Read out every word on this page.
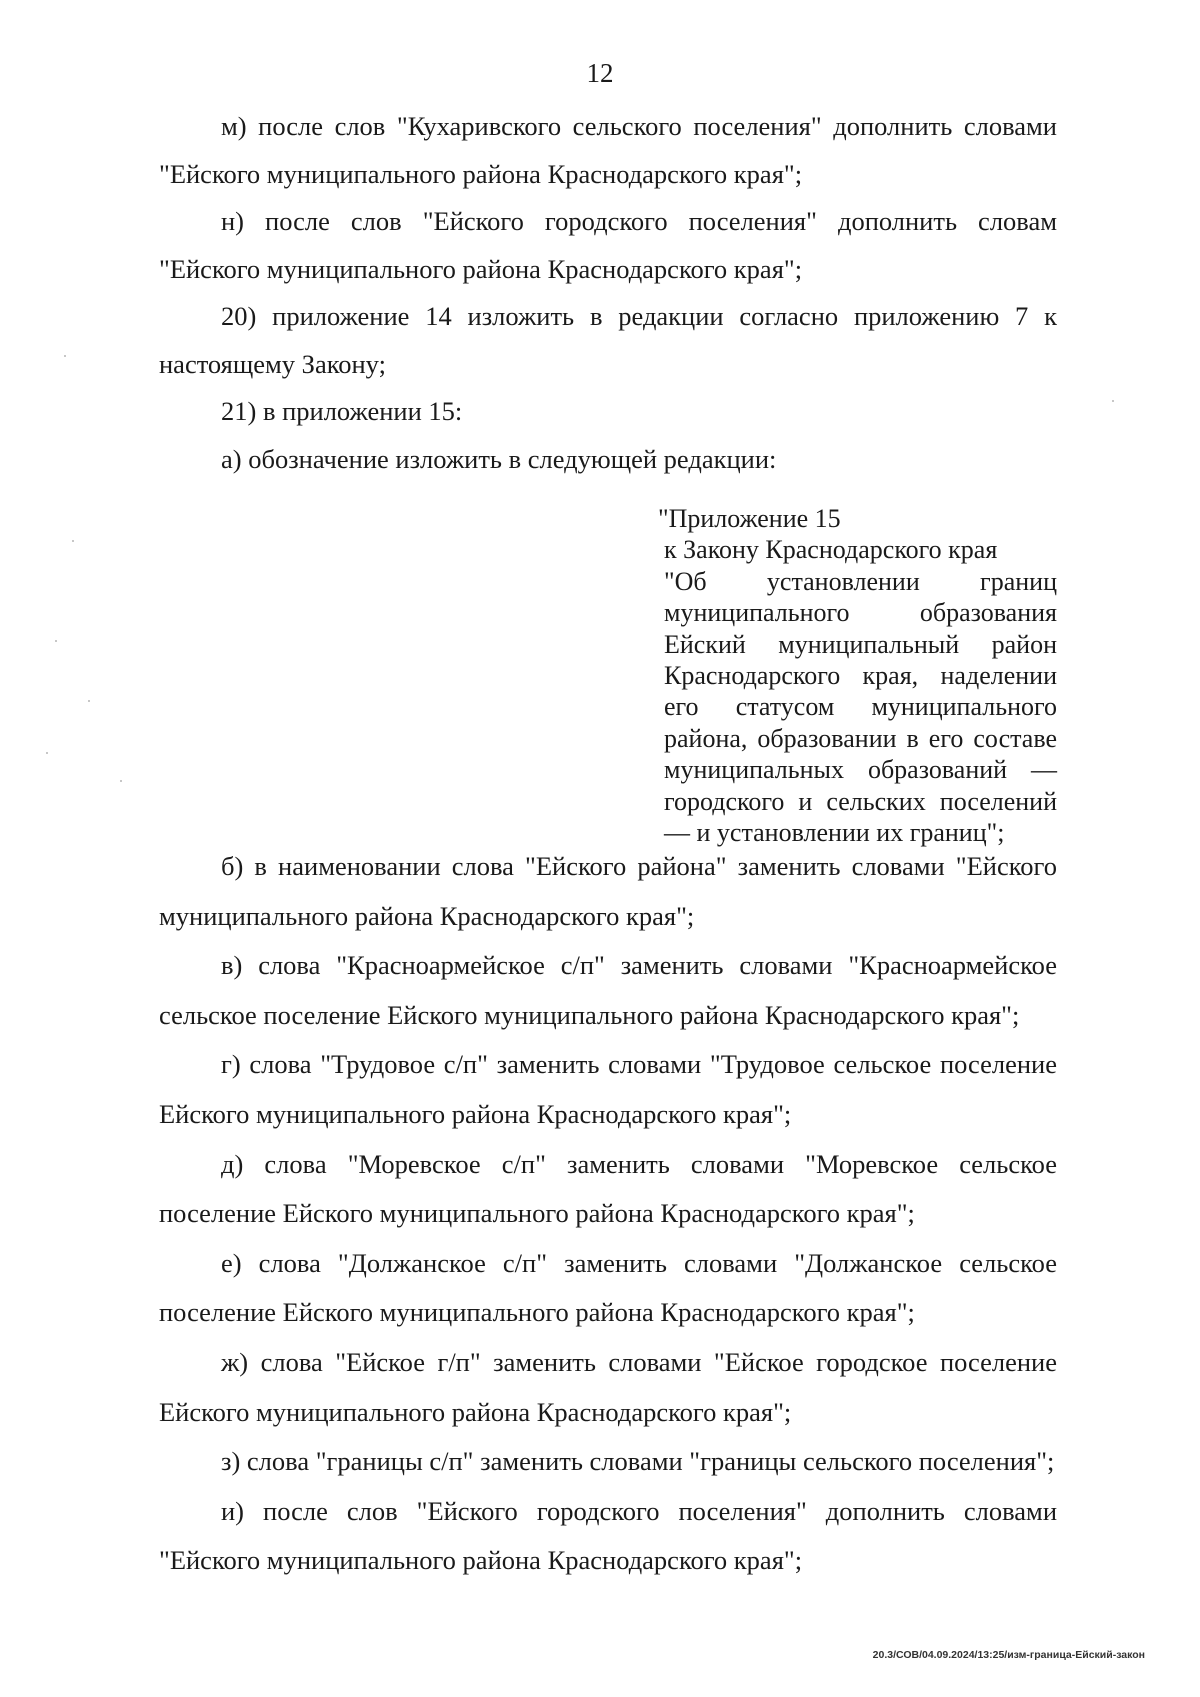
12

м) после слов "Кухаривского сельского поселения" дополнить словами "Ейского муниципального района Краснодарского края";

н) после слов "Ейского городского поселения" дополнить словам "Ейского муниципального района Краснодарского края";

20) приложение 14 изложить в редакции согласно приложению 7 к настоящему Закону;

21) в приложении 15:

а) обозначение изложить в следующей редакции:

"Приложение 15
к Закону Краснодарского края

"Об установлении границ муниципального образования Ейский муниципальный район Краснодарского края, наделении его статусом муниципального района, образовании в его составе муниципальных образований — городского и сельских поселений — и установлении их границ";

б) в наименовании слова "Ейского района" заменить словами "Ейского муниципального района Краснодарского края";

в) слова "Красноармейское с/п" заменить словами "Красноармейское сельское поселение Ейского муниципального района Краснодарского края";

г) слова "Трудовое с/п" заменить словами "Трудовое сельское поселение Ейского муниципального района Краснодарского края";

д) слова "Моревское с/п" заменить словами "Моревское сельское поселение Ейского муниципального района Краснодарского края";

е) слова "Должанское с/п" заменить словами "Должанское сельское поселение Ейского муниципального района Краснодарского края";

ж) слова "Ейское г/п" заменить словами "Ейское городское поселение Ейского муниципального района Краснодарского края";

з) слова "границы с/п" заменить словами "границы сельского поселения";

и) после слов "Ейского городского поселения" дополнить словами "Ейского муниципального района Краснодарского края";

20.3/СОВ/04.09.2024/13:25/изм-граница-Ейский-закон
